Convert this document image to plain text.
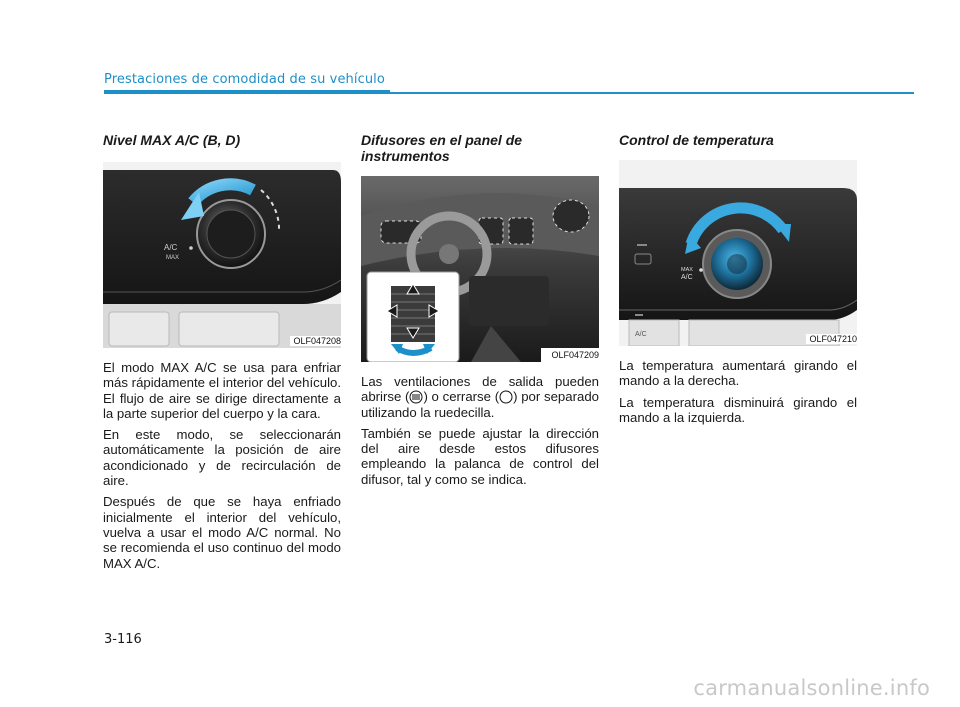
Prestaciones de comodidad de su vehículo
Nivel MAX A/C (B, D)
A/C
MAX
OLF047208

El modo MAX A/C se usa para enfriar más rápidamente el interior del vehículo. El flujo de aire se dirige directamente a la parte superior del cuerpo y la cara.

En este modo, se seleccionarán automáticamente la posición de aire acondicionado y de recirculación de aire.

Después de que se haya enfriado inicialmente el interior del vehículo, vuelva a usar el modo A/C normal. No se recomienda el uso continuo del modo MAX A/C.

Difusores en el panel de instrumentos
OLF047209

Las ventilaciones de salida pueden abrirse ( ) o cerrarse ( ) por separado utilizando la ruedecilla.

También se puede ajustar la dirección del aire desde estos difusores empleando la palanca de control del difusor, tal y como se indica.

Control de temperatura
MAX
A/C
A/C	OLF047210

La temperatura aumentará girando el mando a la derecha.

La temperatura disminuirá girando el mando a la izquierda.

3-116
carmanualsonline.info
